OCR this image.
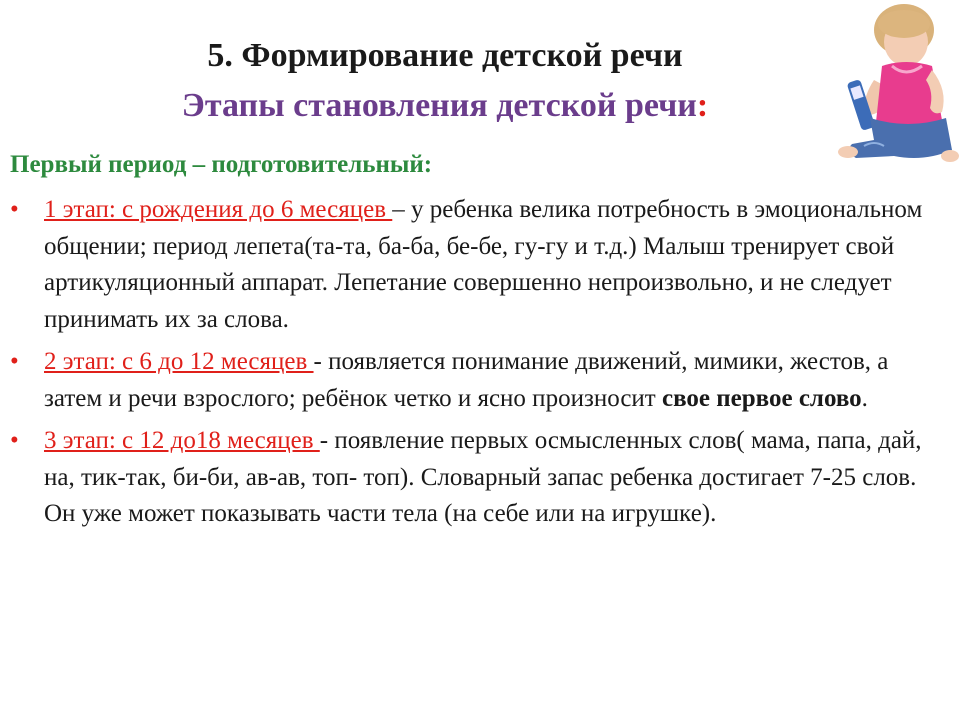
5. Формирование детской речи
Этапы становления детской речи:
Первый период – подготовительный:
• 1 этап: с рождения до 6 месяцев – у ребенка велика потребность в эмоциональном общении; период лепета(та-та, ба-ба, бе-бе, гу-гу и т.д.) Малыш тренирует свой артикуляционный аппарат. Лепетание совершенно непроизвольно, и не следует принимать их за слова.
• 2 этап: с 6 до 12 месяцев - появляется понимание движений, мимики, жестов, а затем и речи взрослого; ребёнок четко и ясно произносит свое первое слово.
• 3 этап: с 12 до18 месяцев - появление первых осмысленных слов( мама, папа, дай, на, тик-так, би-би, ав-ав, топ- топ). Словарный запас ребенка достигает 7-25 слов. Он уже может показывать части тела (на себе или на игрушке).
